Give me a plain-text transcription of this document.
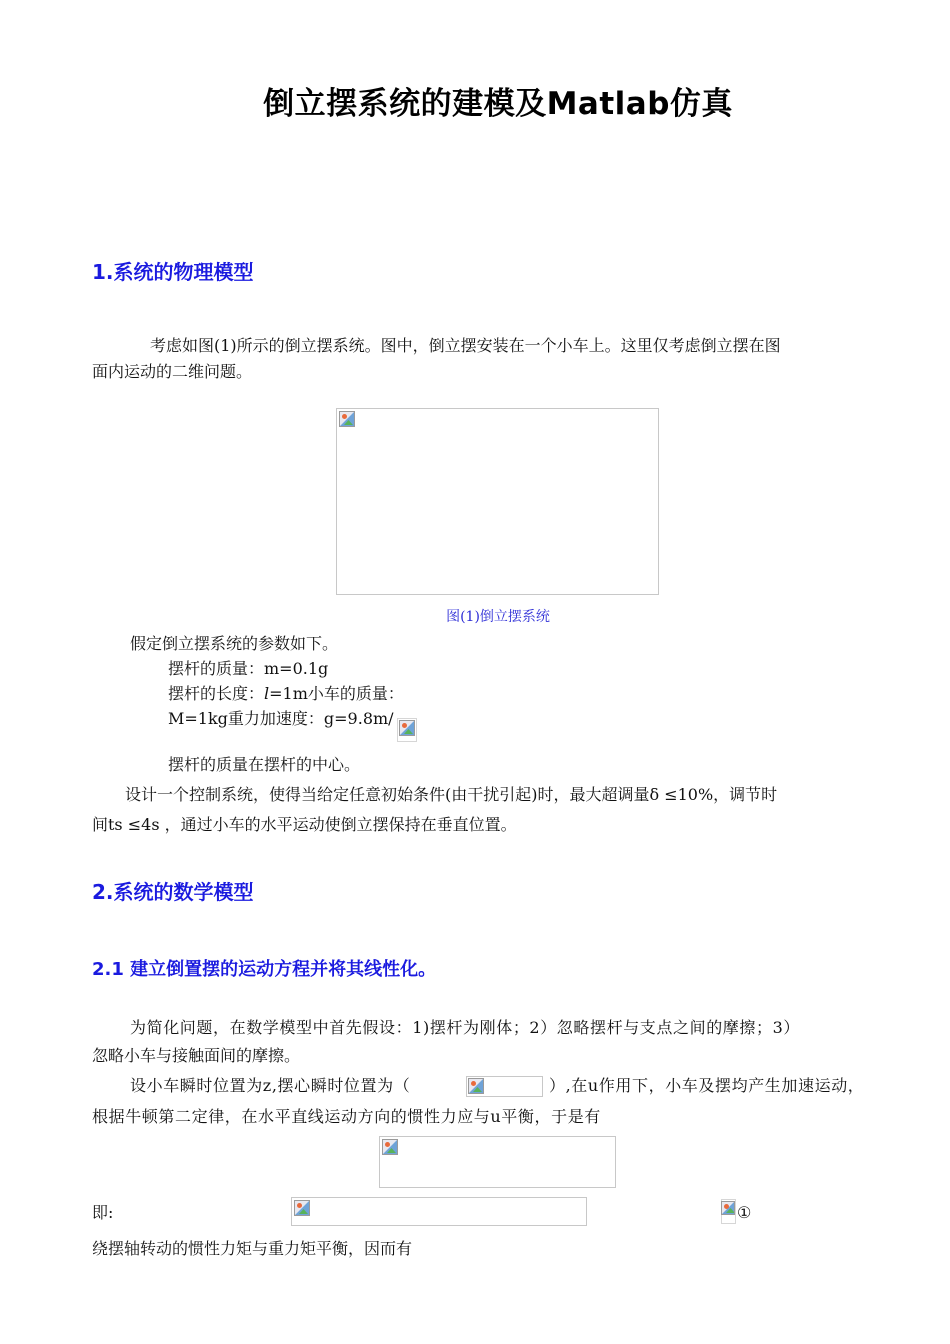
倒立摆系统的建模及Matlab仿真
1.系统的物理模型
考虑如图(1)所示的倒立摆系统。图中，倒立摆安装在一个小车上。这里仅考虑倒立摆在图
面内运动的二维问题。
图(1)倒立摆系统
假定倒立摆系统的参数如下。
摆杆的质量：m=0.1g
摆杆的长度：l=1m小车的质量：
M=1kg重力加速度：g=9.8m/
摆杆的质量在摆杆的中心。
设计一个控制系统，使得当给定任意初始条件(由干扰引起)时，最大超调量δ ≤10%，调节时
间ts ≤4s ，通过小车的水平运动使倒立摆保持在垂直位置。
2.系统的数学模型
2.1 建立倒置摆的运动方程并将其线性化。
为简化问题，在数学模型中首先假设：1)摆杆为刚体；2）忽略摆杆与支点之间的摩擦；3）
忽略小车与接触面间的摩擦。
设小车瞬时位置为z,摆心瞬时位置为（	）,在u作用下，小车及摆均产生加速运动，
根据牛顿第二定律，在水平直线运动方向的惯性力应与u平衡，于是有
即:	①
绕摆轴转动的惯性力矩与重力矩平衡，因而有
